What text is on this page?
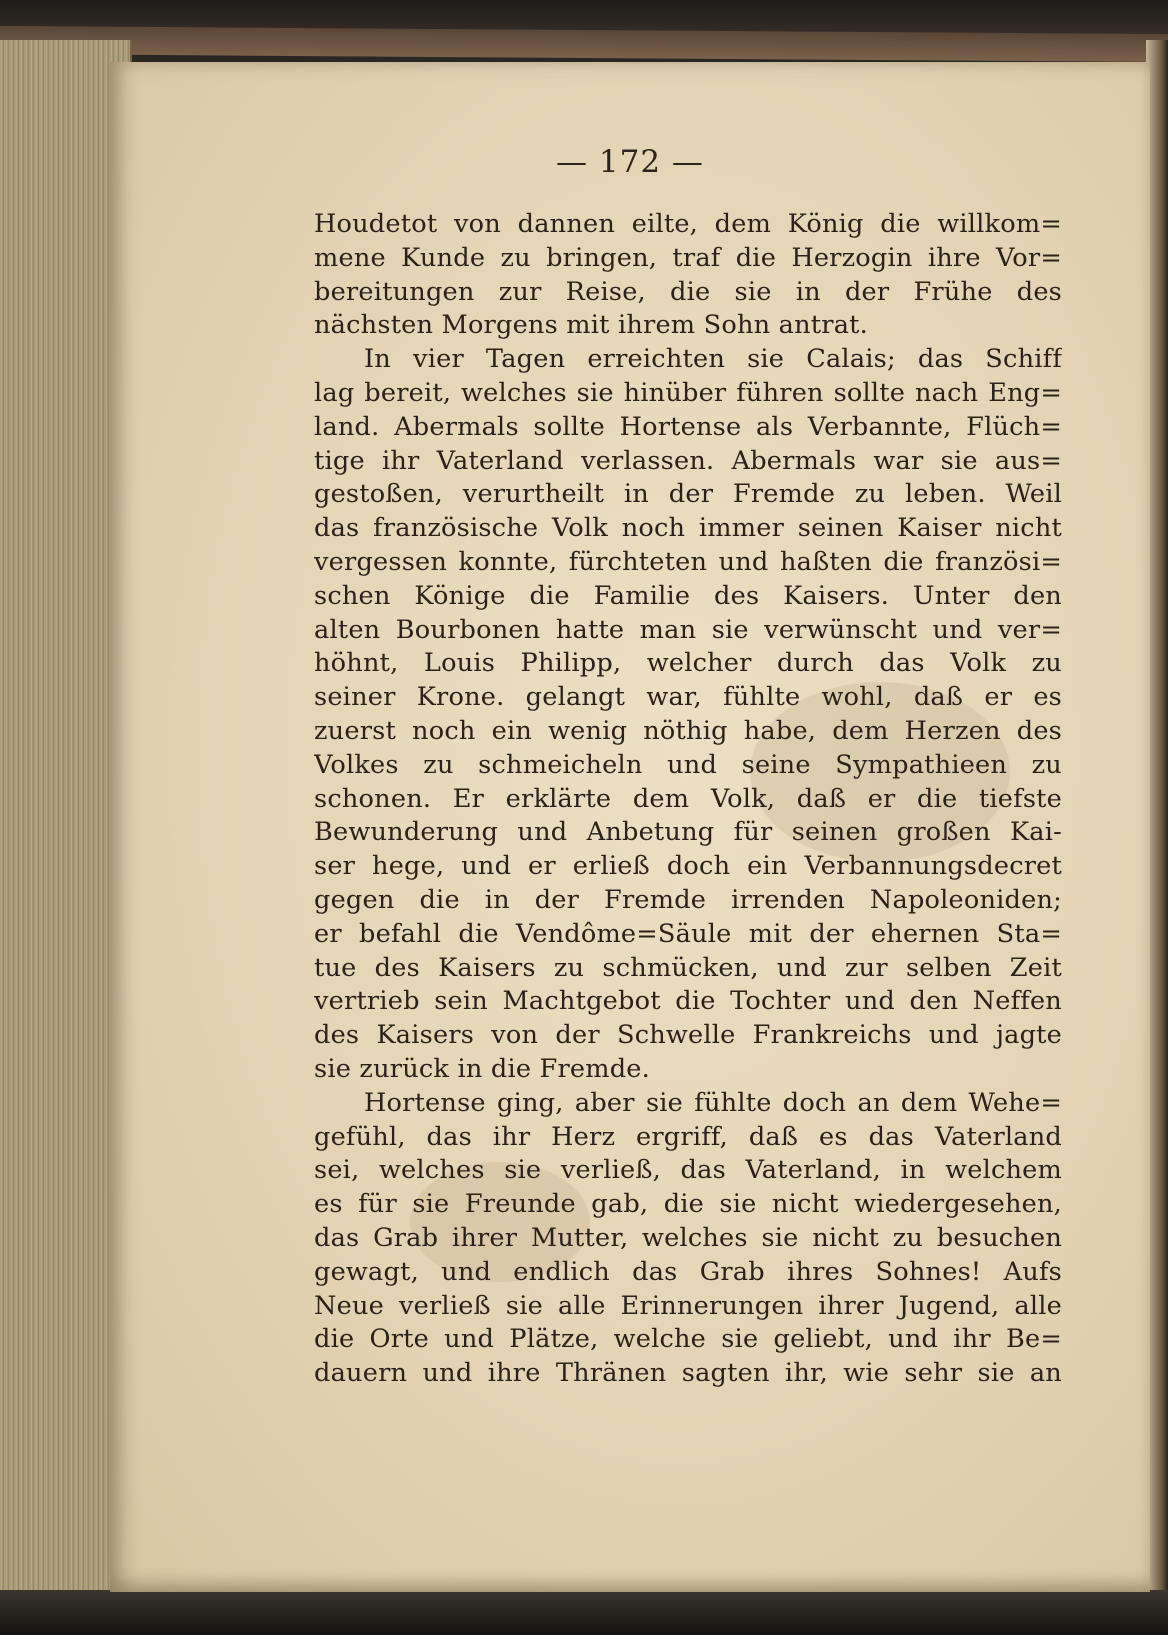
— 172 —
Houdetot von dannen eilte, dem König die willkom=
mene Kunde zu bringen, traf die Herzogin ihre Vor=
bereitungen zur Reise, die sie in der Frühe des
nächsten Morgens mit ihrem Sohn antrat.
In vier Tagen erreichten sie Calais; das Schiff
lag bereit, welches sie hinüber führen sollte nach Eng=
land. Abermals sollte Hortense als Verbannte, Flüch=
tige ihr Vaterland verlassen. Abermals war sie aus=
gestoßen, verurtheilt in der Fremde zu leben. Weil
das französische Volk noch immer seinen Kaiser nicht
vergessen konnte, fürchteten und haßten die französi=
schen Könige die Familie des Kaisers. Unter den
alten Bourbonen hatte man sie verwünscht und ver=
höhnt, Louis Philipp, welcher durch das Volk zu
seiner Krone. gelangt war, fühlte wohl, daß er es
zuerst noch ein wenig nöthig habe, dem Herzen des
Volkes zu schmeicheln und seine Sympathieen zu
schonen. Er erklärte dem Volk, daß er die tiefste
Bewunderung und Anbetung für seinen großen Kai-
ser hege, und er erließ doch ein Verbannungsdecret
gegen die in der Fremde irrenden Napoleoniden;
er befahl die Vendôme=Säule mit der ehernen Sta=
tue des Kaisers zu schmücken, und zur selben Zeit
vertrieb sein Machtgebot die Tochter und den Neffen
des Kaisers von der Schwelle Frankreichs und jagte
sie zurück in die Fremde.
Hortense ging, aber sie fühlte doch an dem Wehe=
gefühl, das ihr Herz ergriff, daß es das Vaterland
sei, welches sie verließ, das Vaterland, in welchem
es für sie Freunde gab, die sie nicht wiedergesehen,
das Grab ihrer Mutter, welches sie nicht zu besuchen
gewagt, und endlich das Grab ihres Sohnes! Aufs
Neue verließ sie alle Erinnerungen ihrer Jugend, alle
die Orte und Plätze, welche sie geliebt, und ihr Be=
dauern und ihre Thränen sagten ihr, wie sehr sie an
